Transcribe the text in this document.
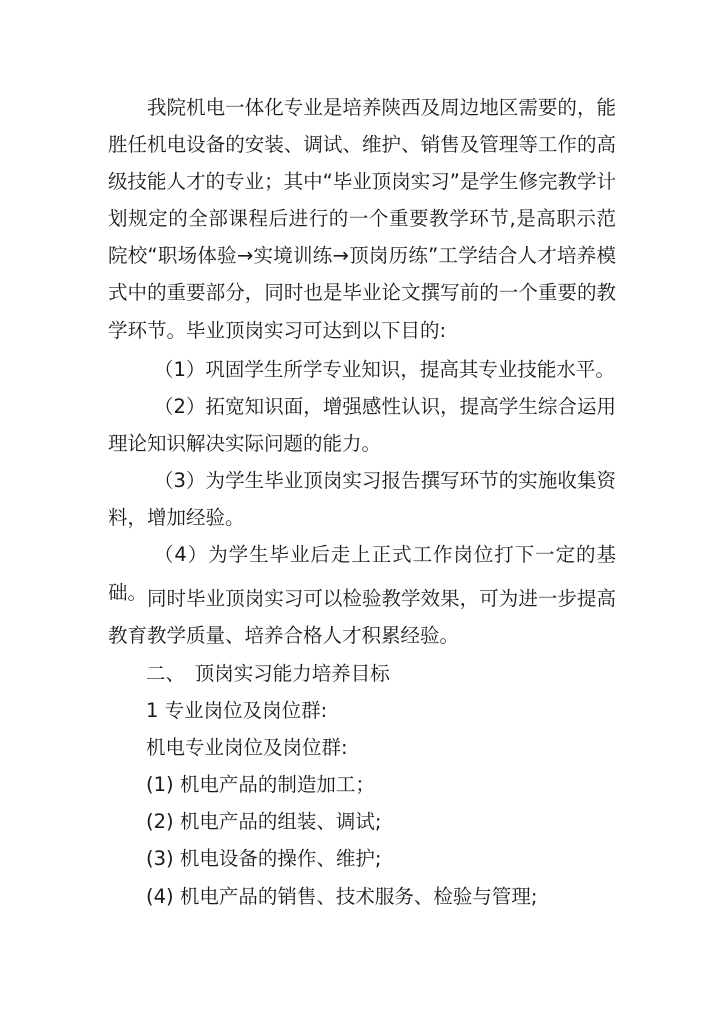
我院机电一体化专业是培养陕西及周边地区需要的，能胜任机电设备的安装、调试、维护、销售及管理等工作的高级技能人才的专业；其中“毕业顶岗实习”是学生修完教学计划规定的全部课程后进行的一个重要教学环节,是高职示范院校“职场体验→实境训练→顶岗历练”工学结合人才培养模式中的重要部分，同时也是毕业论文撰写前的一个重要的教学环节。毕业顶岗实习可达到以下目的:

（1）巩固学生所学专业知识，提高其专业技能水平。

（2）拓宽知识面，增强感性认识，提高学生综合运用理论知识解决实际问题的能力。

（3）为学生毕业顶岗实习报告撰写环节的实施收集资料，增加经验。

（4）为学生毕业后走上正式工作岗位打下一定的基础。 同时毕业顶岗实习可以检验教学效果，可为进一步提高教育教学质量、培养合格人才积累经验。

二、　顶岗实习能力培养目标
1 专业岗位及岗位群:
机电专业岗位及岗位群:
(1) 机电产品的制造加工；
(2) 机电产品的组装、调试;
(3) 机电设备的操作、维护;
(4) 机电产品的销售、技术服务、检验与管理;
